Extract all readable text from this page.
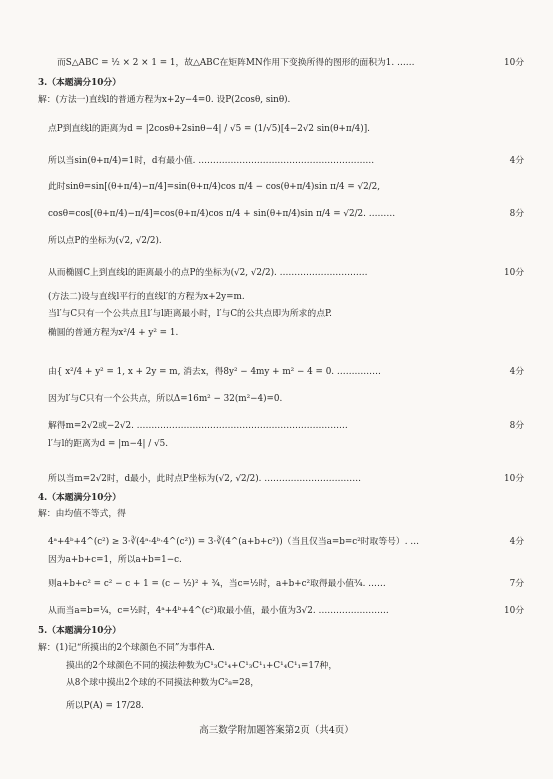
而S△ABC = ½ × 2 × 1 = 1，故△ABC在矩阵MN作用下变换所得的图形的面积为1. ……	10分
3.（本题满分10分）
解：(方法一)直线l的普通方程为x+2y−4=0. 设P(2cosθ, sinθ).
点P到直线l的距离为d = |2cosθ+2sinθ−4| / √5 = (1/√5)[4−2√2 sin(θ+π/4)].
所以当sin(θ+π/4)=1时，d有最小值. ……………………………………………………	4分
此时sinθ=sin[(θ+π/4)−π/4]=sin(θ+π/4)cos π/4 − cos(θ+π/4)sin π/4 = √2/2,
cosθ=cos[(θ+π/4)−π/4]=cos(θ+π/4)cos π/4 + sin(θ+π/4)sin π/4 = √2/2. ………	8分
所以点P的坐标为(√2, √2/2).
从而椭圆C上到直线l的距离最小的点P的坐标为(√2, √2/2). …………………………	10分
(方法二)设与直线l平行的直线l′的方程为x+2y=m.
当l′与C只有一个公共点且l′与l距离最小时，l′与C的公共点即为所求的点P.
椭圆的普通方程为x²/4 + y² = 1.
由{ x²/4 + y² = 1, x + 2y = m, 消去x，得8y² − 4my + m² − 4 = 0. ……………	4分
因为l′与C只有一个公共点，所以Δ=16m² − 32(m²−4)=0.
解得m=2√2或−2√2. ………………………………………………………………	8分
l′与l的距离为d = |m−4| / √5.
所以当m=2√2时，d最小，此时点P坐标为(√2, √2/2). ……………………………	10分
4.（本题满分10分）
解：由均值不等式，得
4ᵃ+4ᵇ+4^(c²) ≥ 3·∛(4ᵃ·4ᵇ·4^(c²)) = 3·∛(4^(a+b+c²))（当且仅当a=b=c²时取等号）. …	4分
因为a+b+c=1，所以a+b=1−c.
则a+b+c² = c² − c + 1 = (c − ½)² + ¾，当c=½时，a+b+c²取得最小值¾. ……	7分
从而当a=b=¼，c=½时，4ᵃ+4ᵇ+4^(c²)取最小值，最小值为3√2. ……………………	10分
5.（本题满分10分）
解：(1)记“所摸出的2个球颜色不同”为事件A.
摸出的2个球颜色不同的摸法种数为C¹₃C¹₄+C¹₃C¹₁+C¹₄C¹₁=17种，
从8个球中摸出2个球的不同摸法种数为C²₈=28，
所以P(A) = 17/28.
高三数学附加题答案第2页（共4页）
